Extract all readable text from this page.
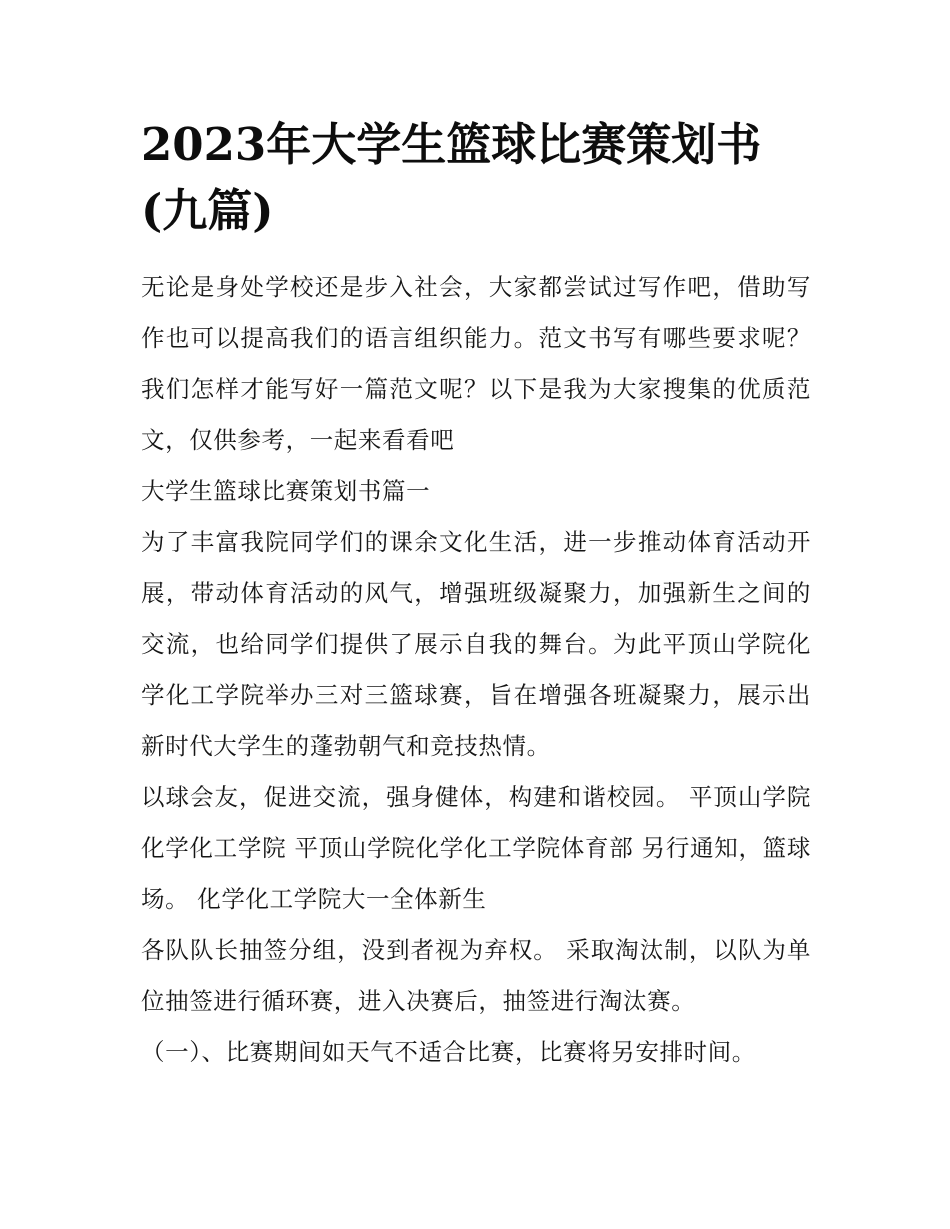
2023年大学生篮球比赛策划书(九篇)

无论是身处学校还是步入社会，大家都尝试过写作吧，借助写作也可以提高我们的语言组织能力。范文书写有哪些要求呢？我们怎样才能写好一篇范文呢？以下是我为大家搜集的优质范文，仅供参考，一起来看看吧

大学生篮球比赛策划书篇一

为了丰富我院同学们的课余文化生活，进一步推动体育活动开展，带动体育活动的风气，增强班级凝聚力，加强新生之间的交流，也给同学们提供了展示自我的舞台。为此平顶山学院化学化工学院举办三对三篮球赛，旨在增强各班凝聚力，展示出新时代大学生的蓬勃朝气和竞技热情。

以球会友，促进交流，强身健体，构建和谐校园。 平顶山学院化学化工学院 平顶山学院化学化工学院体育部 另行通知，篮球场。 化学化工学院大一全体新生

各队队长抽签分组，没到者视为弃权。 采取淘汰制，以队为单位抽签进行循环赛，进入决赛后，抽签进行淘汰赛。

（一）、比赛期间如天气不适合比赛，比赛将另安排时间。
